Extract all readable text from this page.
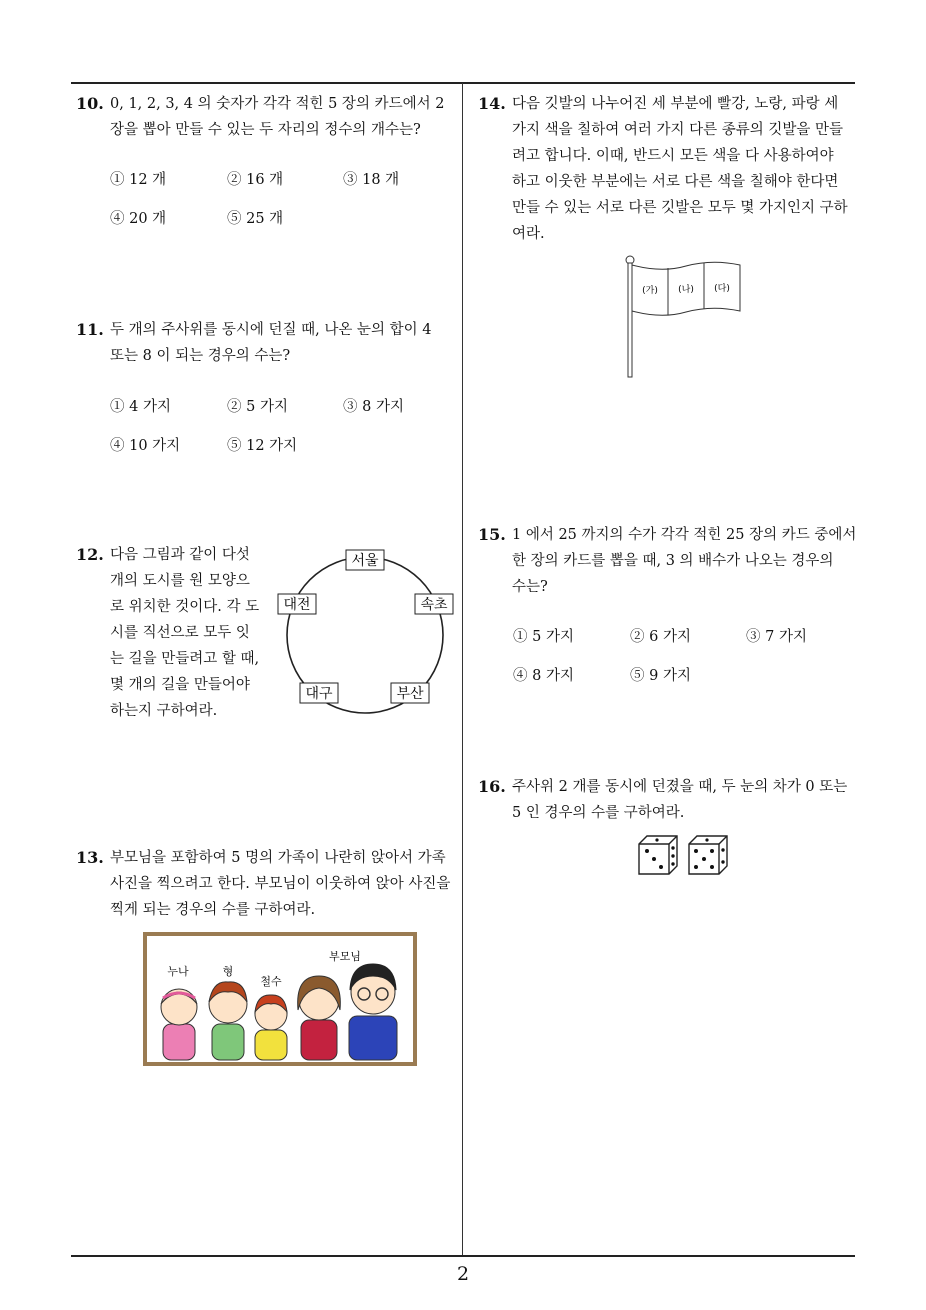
10. 0, 1, 2, 3, 4 의 숫자가 각각 적힌 5 장의 카드에서 2
장을 뽑아 만들 수 있는 두 자리의 정수의 개수는?
① 12 개	② 16 개	③ 18 개
④ 20 개	⑤ 25 개
11. 두 개의 주사위를 동시에 던질 때, 나온 눈의 합이 4
또는 8 이 되는 경우의 수는?
① 4 가지	② 5 가지	③ 8 가지
④ 10 가지	⑤ 12 가지
12. 다음 그림과 같이 다섯
개의 도시를 원 모양으
로 위치한 것이다. 각 도
시를 직선으로 모두 잇
는 길을 만들려고 할 때,
몇 개의 길을 만들어야
하는지 구하여라.
서울
속초
부산
대구
대전
13. 부모님을 포함하여 5 명의 가족이 나란히 앉아서 가족
사진을 찍으려고 한다. 부모님이 이웃하여 앉아 사진을
찍게 되는 경우의 수를 구하여라.
누나	형
철수
부모님
14. 다음 깃발의 나누어진 세 부분에 빨강, 노랑, 파랑 세
가지 색을 칠하여 여러 가지 다른 종류의 깃발을 만들
려고 합니다. 이때, 반드시 모든 색을 다 사용하여야
하고 이웃한 부분에는 서로 다른 색을 칠해야 한다면
만들 수 있는 서로 다른 깃발은 모두 몇 가지인지 구하
여라.
(가) (나) (다)
15. 1 에서 25 까지의 수가 각각 적힌 25 장의 카드 중에서
한 장의 카드를 뽑을 때, 3 의 배수가 나오는 경우의
수는?
① 5 가지	② 6 가지	③ 7 가지
④ 8 가지	⑤ 9 가지
16. 주사위 2 개를 동시에 던졌을 때, 두 눈의 차가 0 또는
5 인 경우의 수를 구하여라.
2
